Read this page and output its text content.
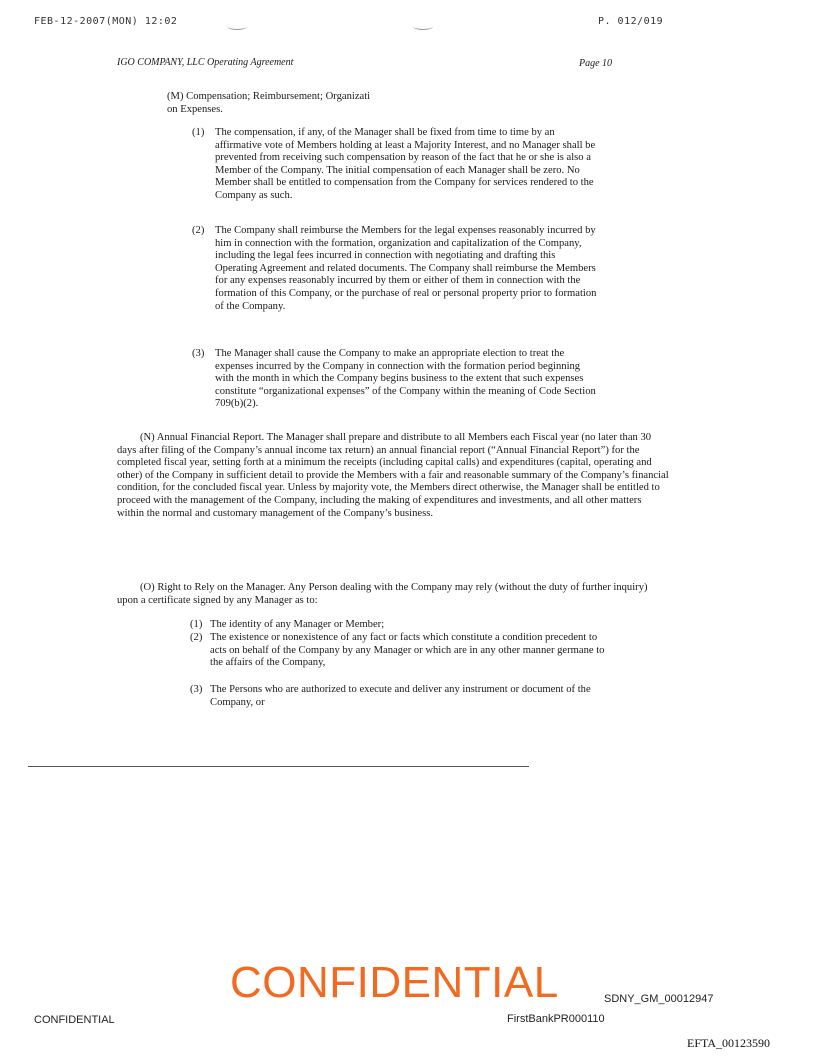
FEB-12-2007(MON) 12:02	P. 012/019
IGO COMPANY, LLC Operating Agreement	Page 10
(M) Compensation; Reimbursement; Organizati
on Expenses.
(1) The compensation, if any, of the Manager shall be fixed from time to time by an affirmative vote of Members holding at least a Majority Interest, and no Manager shall be prevented from receiving such compensation by reason of the fact that he or she is also a Member of the Company. The initial compensation of each Manager shall be zero. No Member shall be entitled to compensation from the Company for services rendered to the Company as such.
(2) The Company shall reimburse the Members for the legal expenses reasonably incurred by him in connection with the formation, organization and capitalization of the Company, including the legal fees incurred in connection with negotiating and drafting this Operating Agreement and related documents. The Company shall reimburse the Members for any expenses reasonably incurred by them or either of them in connection with the formation of this Company, or the purchase of real or personal property prior to formation of the Company.
(3) The Manager shall cause the Company to make an appropriate election to treat the expenses incurred by the Company in connection with the formation period beginning with the month in which the Company begins business to the extent that such expenses constitute “organizational expenses” of the Company within the meaning of Code Section 709(b)(2).
(N) Annual Financial Report. The Manager shall prepare and distribute to all Members each Fiscal year (no later than 30 days after filing of the Company’s annual income tax return) an annual financial report (“Annual Financial Report”) for the completed fiscal year, setting forth at a minimum the receipts (including capital calls) and expenditures (capital, operating and other) of the Company in sufficient detail to provide the Members with a fair and reasonable summary of the Company’s financial condition, for the concluded fiscal year. Unless by majority vote, the Members direct otherwise, the Manager shall be entitled to proceed with the management of the Company, including the making of expenditures and investments, and all other matters within the normal and customary management of the Company’s business.
(O) Right to Rely on the Manager. Any Person dealing with the Company may rely (without the duty of further inquiry) upon a certificate signed by any Manager as to:
(1) The identity of any Manager or Member;
(2) The existence or nonexistence of any fact or facts which constitute a condition precedent to acts on behalf of the Company by any Manager or which are in any other manner germane to the affairs of the Company,
(3) The Persons who are authorized to execute and deliver any instrument or document of the Company, or
CONFIDENTIAL
CONFIDENTIAL
SDNY_GM_00012947
FirstBankPR000110
EFTA_00123590
